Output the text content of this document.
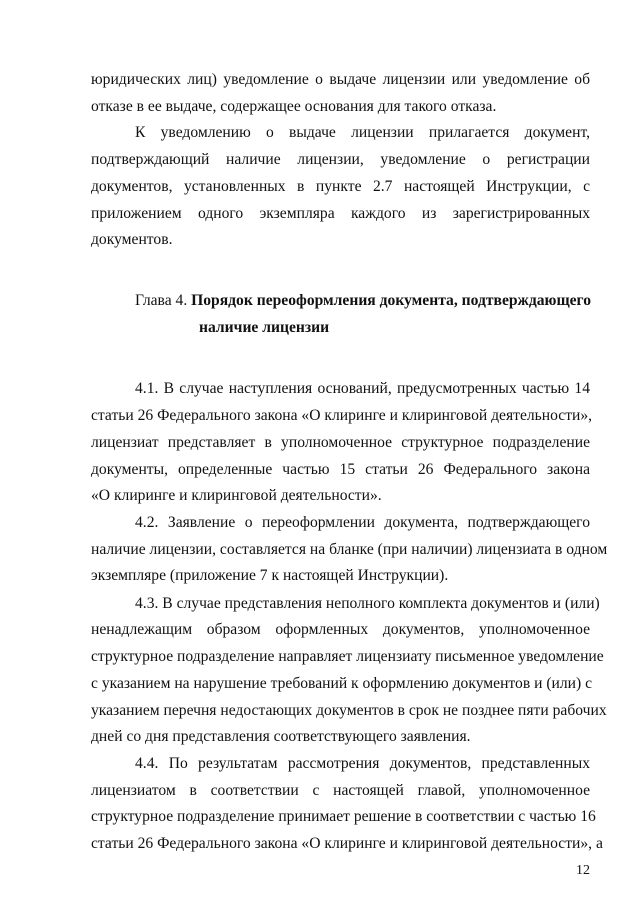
юридических лиц) уведомление о выдаче лицензии или уведомление об
отказе в ее выдаче, содержащее основания для такого отказа.
К уведомлению о выдаче лицензии прилагается документ,
подтверждающий наличие лицензии, уведомление о регистрации
документов, установленных в пункте 2.7 настоящей Инструкции, с
приложением одного экземпляра каждого из зарегистрированных
документов.
Глава 4. Порядок переоформления документа, подтверждающего
наличие лицензии
4.1. В случае наступления оснований, предусмотренных частью 14
статьи 26 Федерального закона «О клиринге и клиринговой деятельности»,
лицензиат представляет в уполномоченное структурное подразделение
документы, определенные частью 15 статьи 26 Федерального закона
«О клиринге и клиринговой деятельности».
4.2. Заявление о переоформлении документа, подтверждающего
наличие лицензии, составляется на бланке (при наличии) лицензиата в одном
экземпляре (приложение 7 к настоящей Инструкции).
4.3. В случае представления неполного комплекта документов и (или)
ненадлежащим образом оформленных документов, уполномоченное
структурное подразделение направляет лицензиату письменное уведомление
с указанием на нарушение требований к оформлению документов и (или) с
указанием перечня недостающих документов в срок не позднее пяти рабочих
дней со дня представления соответствующего заявления.
4.4. По результатам рассмотрения документов, представленных
лицензиатом в соответствии с настоящей главой, уполномоченное
структурное подразделение принимает решение в соответствии с частью 16
статьи 26 Федерального закона «О клиринге и клиринговой деятельности», а
12
